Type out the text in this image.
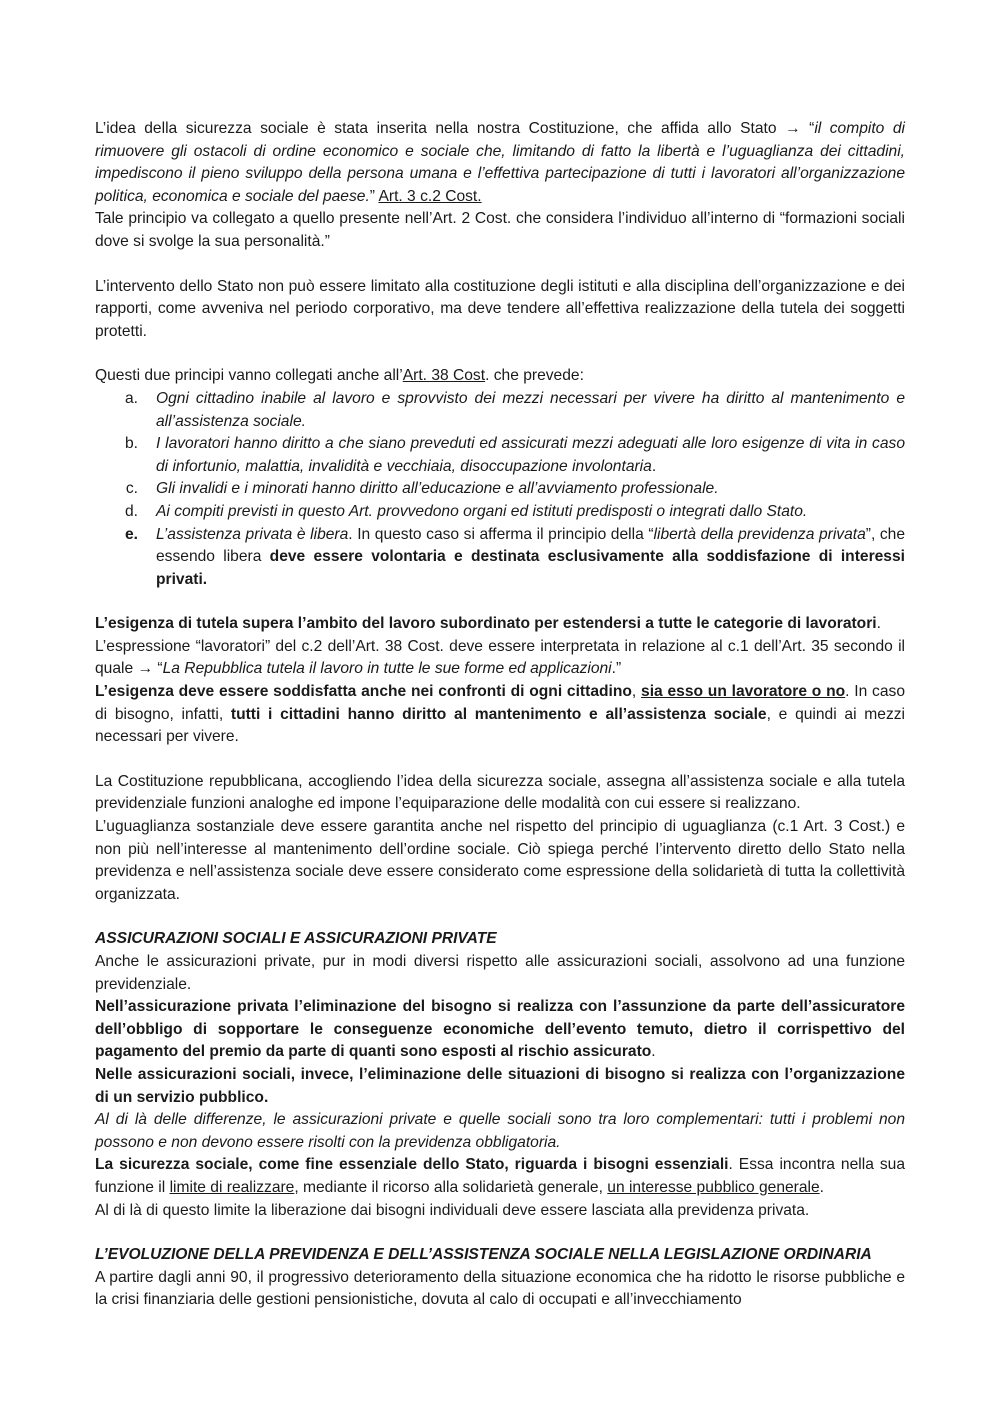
L’idea della sicurezza sociale è stata inserita nella nostra Costituzione, che affida allo Stato → “il compito di rimuovere gli ostacoli di ordine economico e sociale che, limitando di fatto la libertà e l’uguaglianza dei cittadini, impediscono il pieno sviluppo della persona umana e l’effettiva partecipazione di tutti i lavoratori all’organizzazione politica, economica e sociale del paese.” Art. 3 c.2 Cost.

Tale principio va collegato a quello presente nell’Art. 2 Cost. che considera l’individuo all’interno di “formazioni sociali dove si svolge la sua personalità.”

L’intervento dello Stato non può essere limitato alla costituzione degli istituti e alla disciplina dell’organizzazione e dei rapporti, come avveniva nel periodo corporativo, ma deve tendere all’effettiva realizzazione della tutela dei soggetti protetti.

Questi due principi vanno collegati anche all’Art. 38 Cost. che prevede:

a.	Ogni cittadino inabile al lavoro e sprovvisto dei mezzi necessari per vivere ha diritto al mantenimento e all’assistenza sociale.
b.	I lavoratori hanno diritto a che siano preveduti ed assicurati mezzi adeguati alle loro esigenze di vita in caso di infortunio, malattia, invalidità e vecchiaia, disoccupazione involontaria.
c.	Gli invalidi e i minorati hanno diritto all’educazione e all’avviamento professionale.
d.	Ai compiti previsti in questo Art. provvedono organi ed istituti predisposti o integrati dallo Stato.
e.	L’assistenza privata è libera. In questo caso si afferma il principio della “libertà della previdenza privata”, che essendo libera deve essere volontaria e destinata esclusivamente alla soddisfazione di interessi privati.

L’esigenza di tutela supera l’ambito del lavoro subordinato per estendersi a tutte le categorie di lavoratori.

L’espressione “lavoratori” del c.2 dell’Art. 38 Cost. deve essere interpretata in relazione al c.1 dell’Art. 35 secondo il quale → “La Repubblica tutela il lavoro in tutte le sue forme ed applicazioni.”

L’esigenza deve essere soddisfatta anche nei confronti di ogni cittadino, sia esso un lavoratore o no. In caso di bisogno, infatti, tutti i cittadini hanno diritto al mantenimento e all’assistenza sociale, e quindi ai mezzi necessari per vivere.

La Costituzione repubblicana, accogliendo l’idea della sicurezza sociale, assegna all’assistenza sociale e alla tutela previdenziale funzioni analoghe ed impone l’equiparazione delle modalità con cui essere si realizzano.

L’uguaglianza sostanziale deve essere garantita anche nel rispetto del principio di uguaglianza (c.1 Art. 3 Cost.) e non più nell’interesse al mantenimento dell’ordine sociale. Ciò spiega perché l’intervento diretto dello Stato nella previdenza e nell’assistenza sociale deve essere considerato come espressione della solidarietà di tutta la collettività organizzata.

ASSICURAZIONI SOCIALI E ASSICURAZIONI PRIVATE

Anche le assicurazioni private, pur in modi diversi rispetto alle assicurazioni sociali, assolvono ad una funzione previdenziale.

Nell’assicurazione privata l’eliminazione del bisogno si realizza con l’assunzione da parte dell’assicuratore dell’obbligo di sopportare le conseguenze economiche dell’evento temuto, dietro il corrispettivo del pagamento del premio da parte di quanti sono esposti al rischio assicurato.

Nelle assicurazioni sociali, invece, l’eliminazione delle situazioni di bisogno si realizza con l’organizzazione di un servizio pubblico.

Al di là delle differenze, le assicurazioni private e quelle sociali sono tra loro complementari: tutti i problemi non possono e non devono essere risolti con la previdenza obbligatoria.

La sicurezza sociale, come fine essenziale dello Stato, riguarda i bisogni essenziali. Essa incontra nella sua funzione il limite di realizzare, mediante il ricorso alla solidarietà generale, un interesse pubblico generale.

Al di là di questo limite la liberazione dai bisogni individuali deve essere lasciata alla previdenza privata.

L’EVOLUZIONE DELLA PREVIDENZA E DELL’ASSISTENZA SOCIALE NELLA LEGISLAZIONE ORDINARIA

A partire dagli anni 90, il progressivo deterioramento della situazione economica che ha ridotto le risorse pubbliche e la crisi finanziaria delle gestioni pensionistiche, dovuta al calo di occupati e all’invecchiamento
